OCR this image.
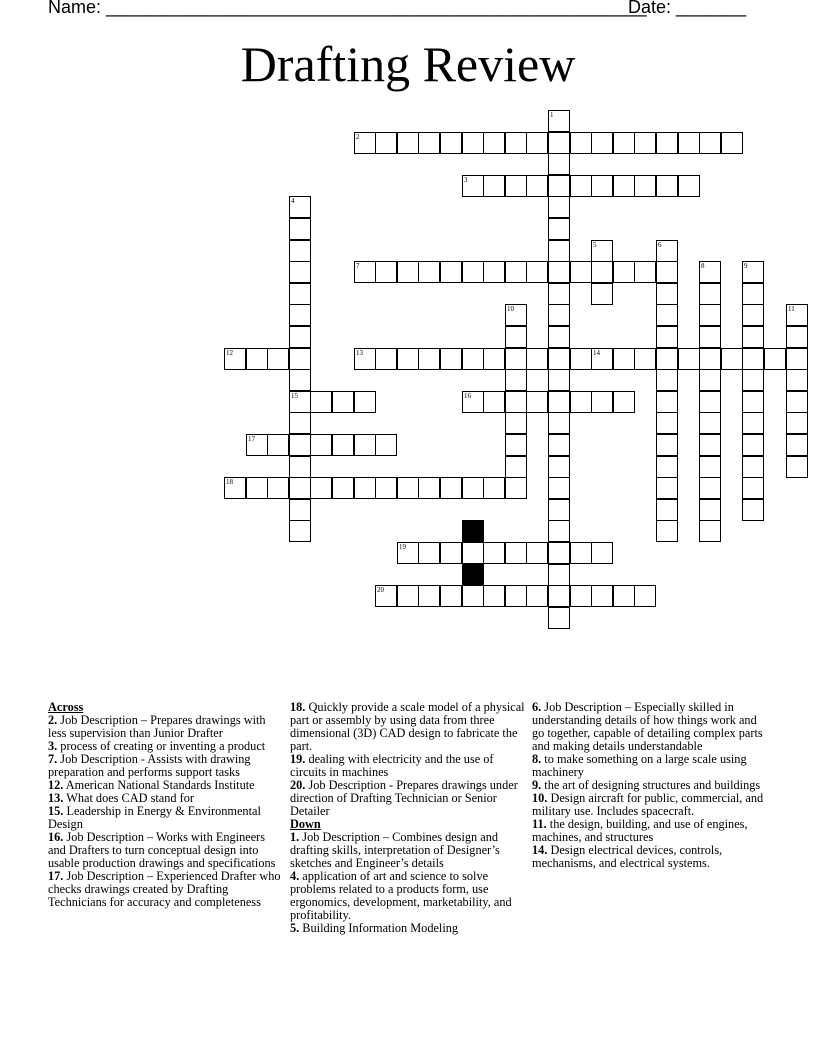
Name: ______________________________________________________
Date: _______
Drafting Review
1
2
3
4
15
5	6
7	8	9
10	11
12	13	14
16
17
18
19
20
Across
2. Job Description – Prepares drawings with less supervision than Junior Drafter
3. process of creating or inventing a product
7. Job Description - Assists with drawing preparation and performs support tasks
12. American National Standards Institute
13. What does CAD stand for
15. Leadership in Energy & Environmental Design
16. Job Description – Works with Engineers and Drafters to turn conceptual design into usable production drawings and specifications
17. Job Description – Experienced Drafter who checks drawings created by Drafting Technicians for accuracy and completeness
18. Quickly provide a scale model of a physical part or assembly by using data from three dimensional (3D) CAD design to fabricate the part.
19. dealing with electricity and the use of circuits in machines
20. Job Description - Prepares drawings under direction of Drafting Technician or Senior Detailer
Down
1. Job Description – Combines design and drafting skills, interpretation of Designer’s sketches and Engineer’s details
4. application of art and science to solve problems related to a products form, use ergonomics, development, marketability, and profitability.
5. Building Information Modeling
6. Job Description – Especially skilled in understanding details of how things work and go together, capable of detailing complex parts and making details understandable
8. to make something on a large scale using machinery
9. the art of designing structures and buildings
10. Design aircraft for public, commercial, and military use. Includes spacecraft.
11. the design, building, and use of engines, machines, and structures
14. Design electrical devices, controls, mechanisms, and electrical systems.
